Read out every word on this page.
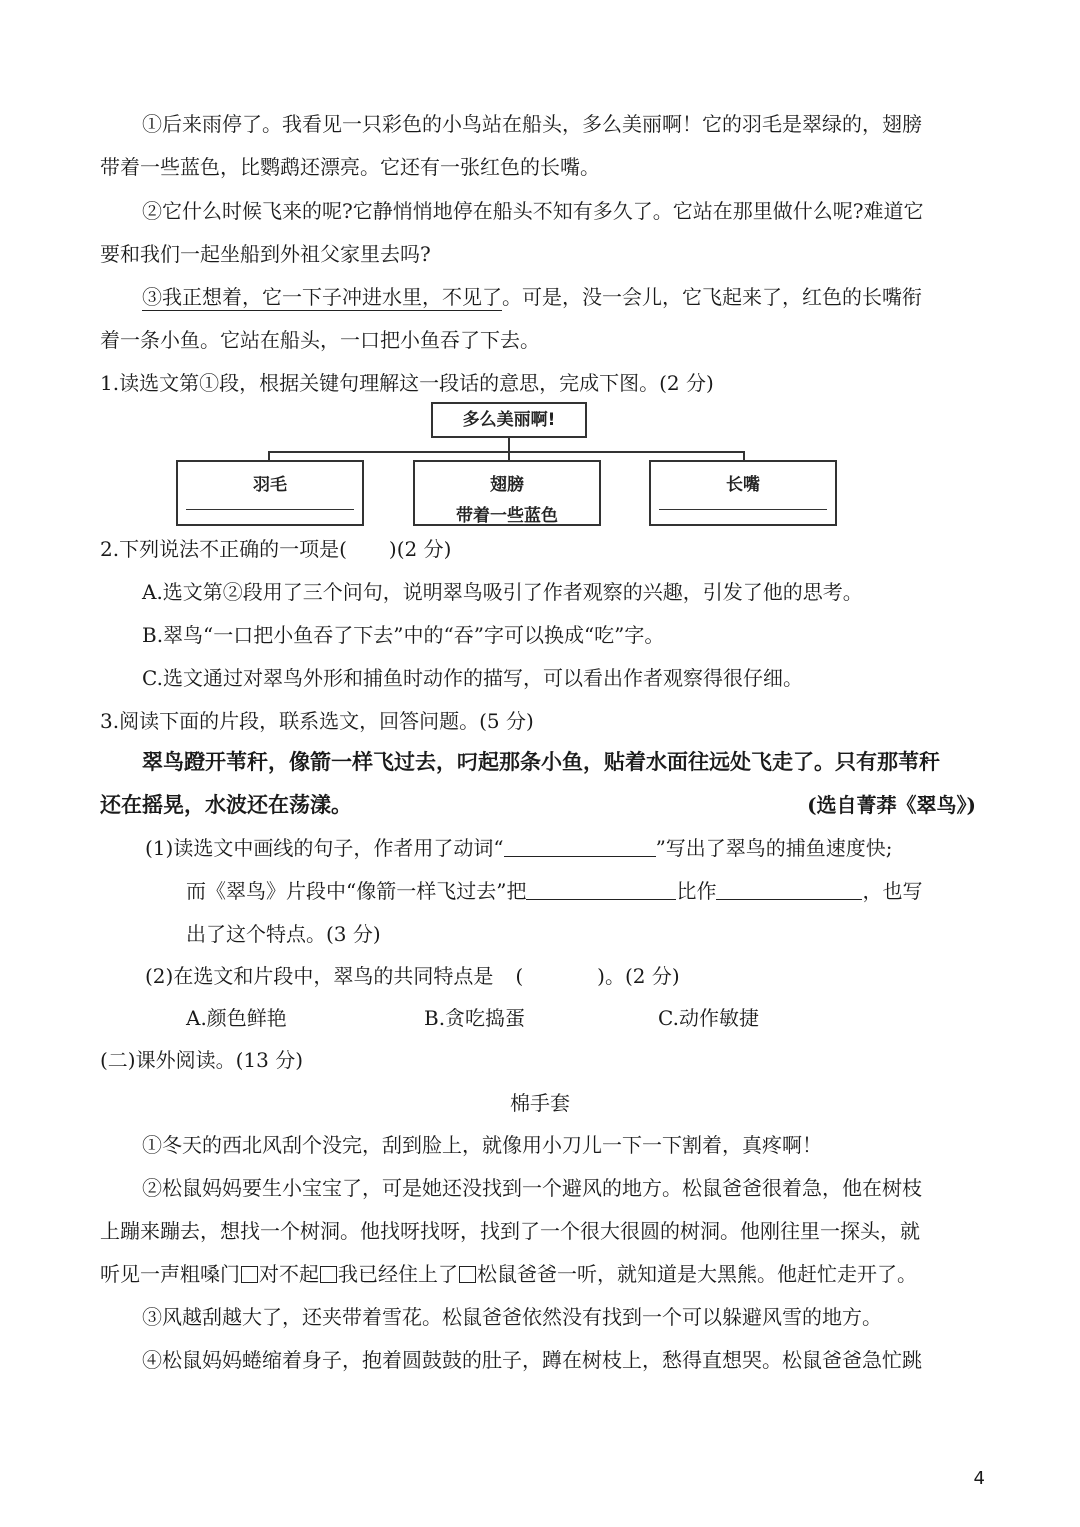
①后来雨停了。我看见一只彩色的小鸟站在船头，多么美丽啊！它的羽毛是翠绿的，翅膀
带着一些蓝色，比鹦鹉还漂亮。它还有一张红色的长嘴。
②它什么时候飞来的呢?它静悄悄地停在船头不知有多久了。它站在那里做什么呢?难道它
要和我们一起坐船到外祖父家里去吗?
③我正想着，它一下子冲进水里，不见了。可是，没一会儿，它飞起来了，红色的长嘴衔
着一条小鱼。它站在船头，一口把小鱼吞了下去。
1.读选文第①段，根据关键句理解这一段话的意思，完成下图。(2 分)
多么美丽啊!
羽毛	翅膀
带着一些蓝色
长嘴
2.下列说法不正确的一项是( )(2 分)
A.选文第②段用了三个问句，说明翠鸟吸引了作者观察的兴趣，引发了他的思考。
B.翠鸟“一口把小鱼吞了下去”中的“吞”字可以换成“吃”字。
C.选文通过对翠鸟外形和捕鱼时动作的描写，可以看出作者观察得很仔细。
3.阅读下面的片段，联系选文，回答问题。(5 分)
翠鸟蹬开苇秆，像箭一样飞过去，叼起那条小鱼，贴着水面往远处飞走了。只有那苇秆
还在摇晃，水波还在荡漾。	(选自菁莽《翠鸟》)
(1)读选文中画线的句子，作者用了动词“	”写出了翠鸟的捕鱼速度快;
而《翠鸟》片段中“像箭一样飞过去”把	比作	，也写
出了这个特点。(3 分)
(2)在选文和片段中，翠鸟的共同特点是 (	)。(2 分)
A.颜色鲜艳	B.贪吃捣蛋	C.动作敏捷
(二)课外阅读。(13 分)
棉手套
①冬天的西北风刮个没完，刮到脸上，就像用小刀儿一下一下割着，真疼啊！
②松鼠妈妈要生小宝宝了，可是她还没找到一个避风的地方。松鼠爸爸很着急，他在树枝
上蹦来蹦去，想找一个树洞。他找呀找呀，找到了一个很大很圆的树洞。他刚往里一探头，就
听见一声粗嗓门 对不起 我已经住上了 松鼠爸爸一听，就知道是大黑熊。他赶忙走开了。
③风越刮越大了，还夹带着雪花。松鼠爸爸依然没有找到一个可以躲避风雪的地方。
④松鼠妈妈蜷缩着身子，抱着圆鼓鼓的肚子，蹲在树枝上，愁得直想哭。松鼠爸爸急忙跳
4
